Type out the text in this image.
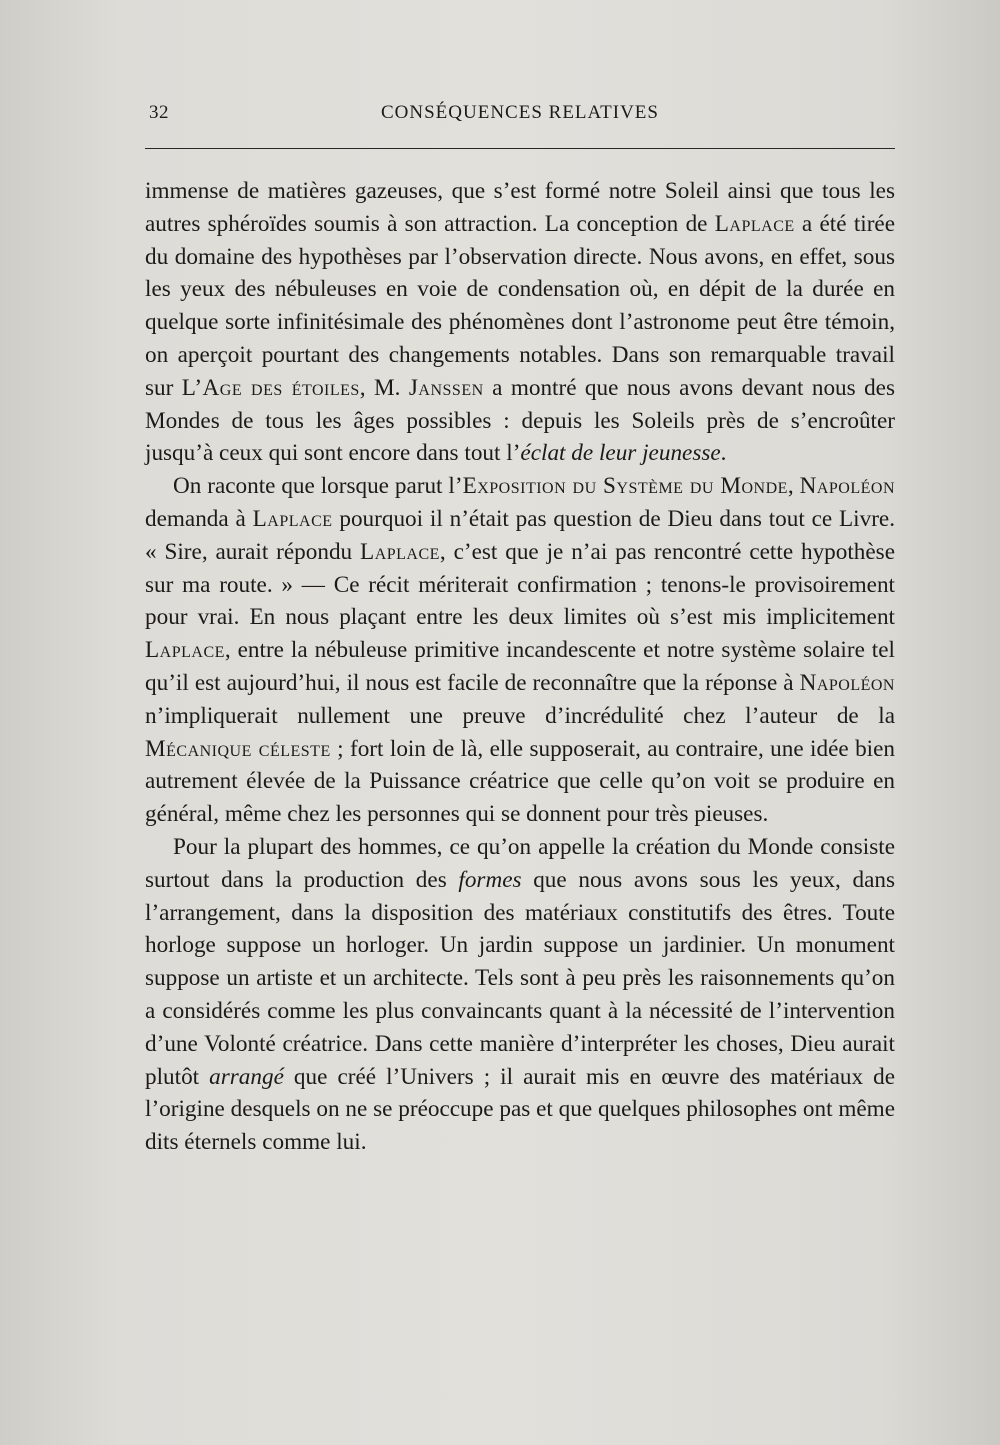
32	CONSÉQUENCES RELATIVES

immense de matières gazeuses, que s’est formé notre Soleil ainsi que tous les autres sphéroïdes soumis à son attraction. La conception de Laplace a été tirée du domaine des hypothèses par l’observation directe. Nous avons, en effet, sous les yeux des nébuleuses en voie de condensation où, en dépit de la durée en quelque sorte infinitésimale des phénomènes dont l’astronome peut être témoin, on aperçoit pourtant des changements notables. Dans son remarquable travail sur L’Age des étoiles, M. Janssen a montré que nous avons devant nous des Mondes de tous les âges possibles : depuis les Soleils près de s’encroûter jusqu’à ceux qui sont encore dans tout l’éclat de leur jeunesse.

On raconte que lorsque parut l’Exposition du Système du Monde, Napoléon demanda à Laplace pourquoi il n’était pas question de Dieu dans tout ce Livre. « Sire, aurait répondu Laplace, c’est que je n’ai pas rencontré cette hypothèse sur ma route. » — Ce récit mériterait confirmation ; tenons-le provisoirement pour vrai. En nous plaçant entre les deux limites où s’est mis implicitement Laplace, entre la nébuleuse primitive incandescente et notre système solaire tel qu’il est aujourd’hui, il nous est facile de reconnaître que la réponse à Napoléon n’impliquerait nullement une preuve d’incrédulité chez l’auteur de la Mécanique céleste ; fort loin de là, elle supposerait, au contraire, une idée bien autrement élevée de la Puissance créatrice que celle qu’on voit se produire en général, même chez les personnes qui se donnent pour très pieuses.

Pour la plupart des hommes, ce qu’on appelle la création du Monde consiste surtout dans la production des formes que nous avons sous les yeux, dans l’arrangement, dans la disposition des matériaux constitutifs des êtres. Toute horloge suppose un horloger. Un jardin suppose un jardinier. Un monument suppose un artiste et un architecte. Tels sont à peu près les raisonnements qu’on a considérés comme les plus convaincants quant à la nécessité de l’intervention d’une Volonté créatrice. Dans cette manière d’interpréter les choses, Dieu aurait plutôt arrangé que créé l’Univers ; il aurait mis en œuvre des matériaux de l’origine desquels on ne se préoccupe pas et que quelques philosophes ont même dits éternels comme lui.
